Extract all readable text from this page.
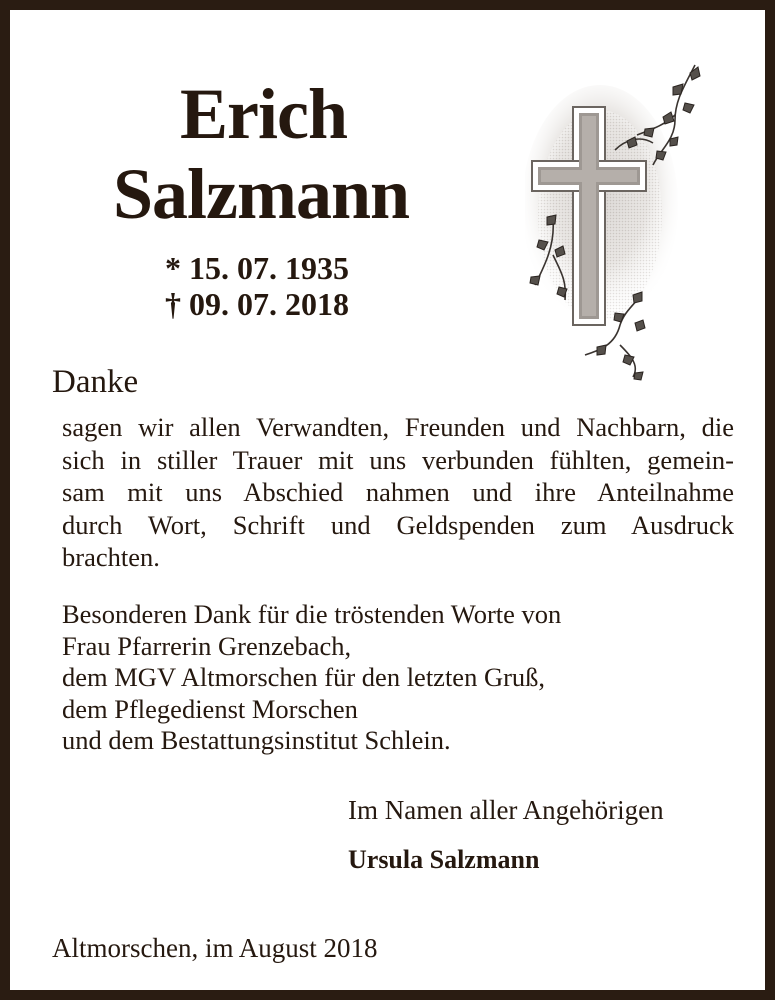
Erich
Salzmann
* 15. 07. 1935
† 09. 07. 2018
Danke
sagen wir allen Verwandten, Freunden und Nachbarn, die
sich in stiller Trauer mit uns verbunden fühlten, gemein-
sam mit uns Abschied nahmen und ihre Anteilnahme
durch Wort, Schrift und Geldspenden zum Ausdruck
brachten.
Besonderen Dank für die tröstenden Worte von
Frau Pfarrerin Grenzebach,
dem MGV Altmorschen für den letzten Gruß,
dem Pflegedienst Morschen
und dem Bestattungsinstitut Schlein.
Im Namen aller Angehörigen
Ursula Salzmann
Altmorschen, im August 2018
